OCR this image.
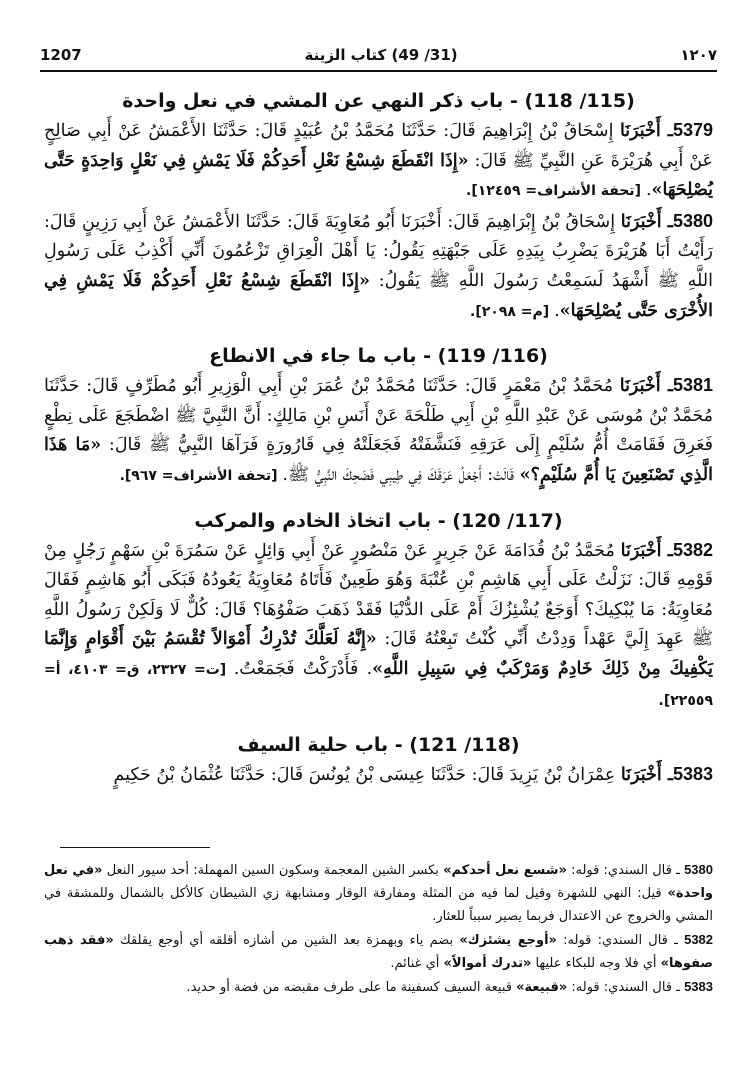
1207	(31/ 49) كتاب الزينة	١٢٠٧
(115/ 118) - باب ذكر النهي عن المشي في نعل واحدة

5379ـ أَخْبَرَنَا إِسْحَاقُ بْنُ إِبْرَاهِيمَ قَالَ: حَدَّثَنَا مُحَمَّدُ بْنُ عُبَيْدٍ قَالَ: حَدَّثَنَا الأَعْمَشُ عَنْ أَبِي صَالِحٍ عَنْ أَبِي هُرَيْرَةَ عَنِ النَّبِيِّ ﷺ قَالَ: «إِذَا انْقَطَعَ شِسْعُ نَعْلِ أَحَدِكُمْ فَلَا يَمْشِ فِي نَعْلٍ وَاحِدَةٍ حَتَّى يُصْلِحَهَا». [تحفة الأشراف= ١٢٤٥٩].

5380ـ أَخْبَرَنَا إِسْحَاقُ بْنُ إِبْرَاهِيمَ قَالَ: أَخْبَرَنَا أَبُو مُعَاوِيَةَ قَالَ: حَدَّثَنَا الأَعْمَشُ عَنْ أَبِي رَزِينٍ قَالَ: رَأَيْتُ أَبَا هُرَيْرَةَ يَضْرِبُ بِيَدِهِ عَلَى جَبْهَتِهِ يَقُولُ: يَا أَهْلَ الْعِرَاقِ تَزْعُمُونَ أَنِّي أَكْذِبُ عَلَى رَسُولِ اللَّهِ ﷺ أَشْهَدُ لَسَمِعْتُ رَسُولَ اللَّهِ ﷺ يَقُولُ: «إِذَا انْقَطَعَ شِسْعُ نَعْلِ أَحَدِكُمْ فَلَا يَمْشِ فِي الأُخْرَى حَتَّى يُصْلِحَهَا». [م= ٢٠٩٨].

(116/ 119) - باب ما جاء في الانطاع

5381ـ أَخْبَرَنَا مُحَمَّدُ بْنُ مَعْمَرٍ قَالَ: حَدَّثَنَا مُحَمَّدُ بْنُ عُمَرَ بْنِ أَبِي الْوَزِيرِ أَبُو مُطَرِّفٍ قَالَ: حَدَّثَنَا مُحَمَّدُ بْنُ مُوسَى عَنْ عَبْدِ اللَّهِ بْنِ أَبِي طَلْحَةَ عَنْ أَنَسِ بْنِ مَالِكٍ: أَنَّ النَّبِيَّ ﷺ اضْطَجَعَ عَلَى نِطْعٍ فَعَرِقَ فَقَامَتْ أُمُّ سُلَيْمٍ إِلَى عَرَقِهِ فَنَشَّفَتْهُ فَجَعَلَتْهُ فِي قَارُورَةٍ فَرَآهَا النَّبِيُّ ﷺ قَالَ: «مَا هَذَا الَّذِي تَصْنَعِينَ يَا أُمَّ سُلَيْمٍ؟» قَالَتْ: أَجْعَلُ عَرَقَكَ فِي طِيبِي فَضَحِكَ النَّبِيُّ ﷺ. [تحفة الأشراف= ٩٦٧].

(117/ 120) - باب اتخاذ الخادم والمركب

5382ـ أَخْبَرَنَا مُحَمَّدُ بْنُ قُدَامَةَ عَنْ جَرِيرٍ عَنْ مَنْصُورٍ عَنْ أَبِي وَائِلٍ عَنْ سَمُرَةَ بْنِ سَهْمٍ رَجُلٍ مِنْ قَوْمِهِ قَالَ: نَزَلْتُ عَلَى أَبِي هَاشِمِ بْنِ عُتْبَةَ وَهُوَ طَعِينٌ فَأَتَاهُ مُعَاوِيَةُ يَعُودُهُ فَبَكَى أَبُو هَاشِمٍ فَقَالَ مُعَاوِيَةُ: مَا يُبْكِيكَ؟ أَوَجَعٌ يُشْئِزُكَ أَمْ عَلَى الدُّنْيَا فَقَدْ ذَهَبَ صَفْوُهَا؟ قَالَ: كُلٌّ لَا وَلَكِنْ رَسُولُ اللَّهِ ﷺ عَهِدَ إِلَيَّ عَهْداً وَدِدْتُ أَنِّي كُنْتُ تَبِعْتُهُ قَالَ: «إِنَّهُ لَعَلَّكَ تُدْرِكُ أَمْوَالاً تُقْسَمُ بَيْنَ أَقْوَامٍ وَإِنَّمَا يَكْفِيكَ مِنْ ذَلِكَ خَادِمٌ وَمَرْكَبٌ فِي سَبِيلِ اللَّهِ». فَأَدْرَكْتُ فَجَمَعْتُ. [ت= ٢٣٢٧، ق= ٤١٠٣، أ= ٢٢٥٥٩].

(118/ 121) - باب حلية السيف

5383ـ أَخْبَرَنَا عِمْرَانُ بْنُ يَزِيدَ قَالَ: حَدَّثَنَا عِيسَى بْنُ يُونُسَ قَالَ: حَدَّثَنَا عُثْمَانُ بْنُ حَكِيمٍ

5380 ـ قال السندي: قوله: «شسع نعل أحدكم» بكسر الشين المعجمة وسكون السين المهملة: أحد سيور النعل «في نعل واحدة» قيل: النهي للشهرة وقيل لما فيه من المثلة ومفارقة الوقار ومشابهة زي الشيطان كالأكل بالشمال وللمشقة في المشي والخروج عن الاعتدال فربما يصير سبباً للعثار.

5382 ـ قال السندي: قوله: «أوجع يشئزك» بضم ياء وبهمزة بعد الشين من أشازه أقلقه أي أوجع يقلقك «فقد ذهب صفوها» أي فلا وجه للبكاء عليها «تدرك أموالاً» أي غنائم.

5383 ـ قال السندي: قوله: «قبيعة» قبيعة السيف كسفينة ما على طرف مقبضه من فضة أو حديد.
